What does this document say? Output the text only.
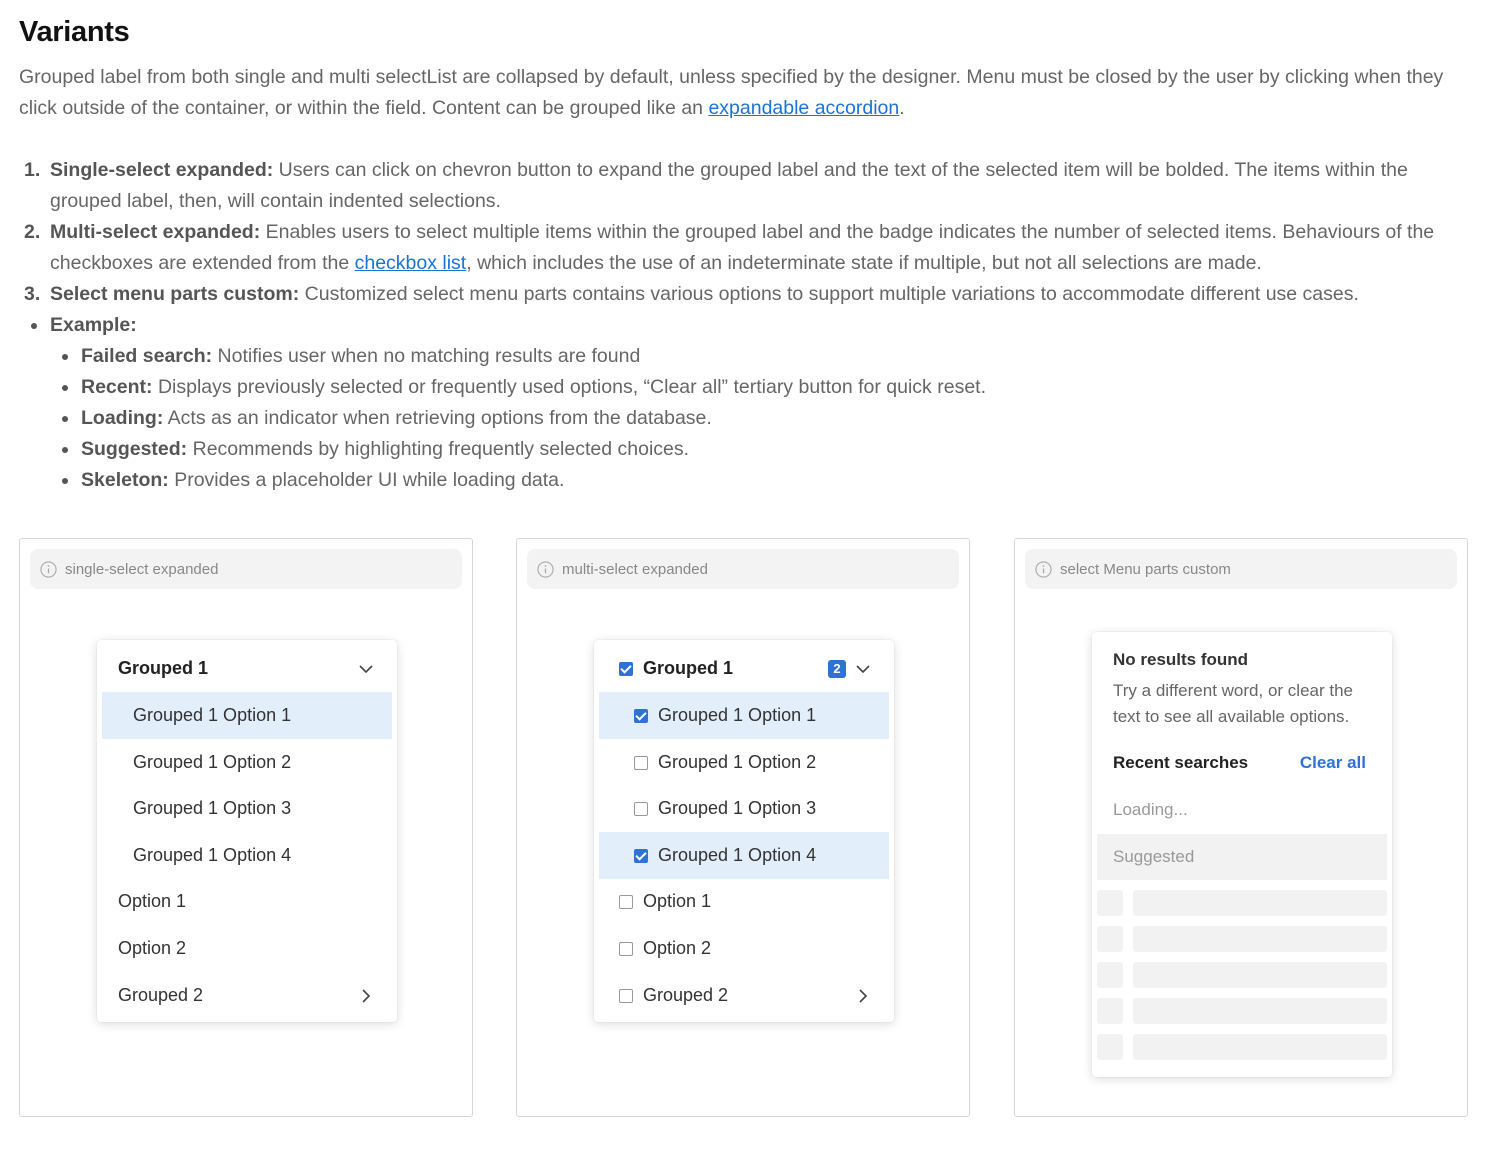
Variants

Grouped label from both single and multi selectList are collapsed by default, unless specified by the designer. Menu must be closed by the user by clicking when they click outside of the container, or within the field. Content can be grouped like an expandable accordion.

1. Single-select expanded: Users can click on chevron button to expand the grouped label and the text of the selected item will be bolded. The items within the grouped label, then, will contain indented selections.
2. Multi-select expanded: Enables users to select multiple items within the grouped label and the badge indicates the number of selected items. Behaviours of the checkboxes are extended from the checkbox list, which includes the use of an indeterminate state if multiple, but not all selections are made.
3. Select menu parts custom: Customized select menu parts contains various options to support multiple variations to accommodate different use cases.
Example:
Failed search: Notifies user when no matching results are found
Recent: Displays previously selected or frequently used options, “Clear all” tertiary button for quick reset.
Loading: Acts as an indicator when retrieving options from the database.
Suggested: Recommends by highlighting frequently selected choices.
Skeleton: Provides a placeholder UI while loading data.
single-select expanded
Grouped 1
Grouped 1 Option 1
Grouped 1 Option 2
Grouped 1 Option 3
Grouped 1 Option 4
Option 1
Option 2
Grouped 2
multi-select expanded
Grouped 1	2
Grouped 1 Option 1
Grouped 1 Option 2
Grouped 1 Option 3
Grouped 1 Option 4
Option 1
Option 2
Grouped 2
select Menu parts custom
No results found
Try a different word, or clear the text to see all available options.
Recent searches	Clear all
Loading...
Suggested
